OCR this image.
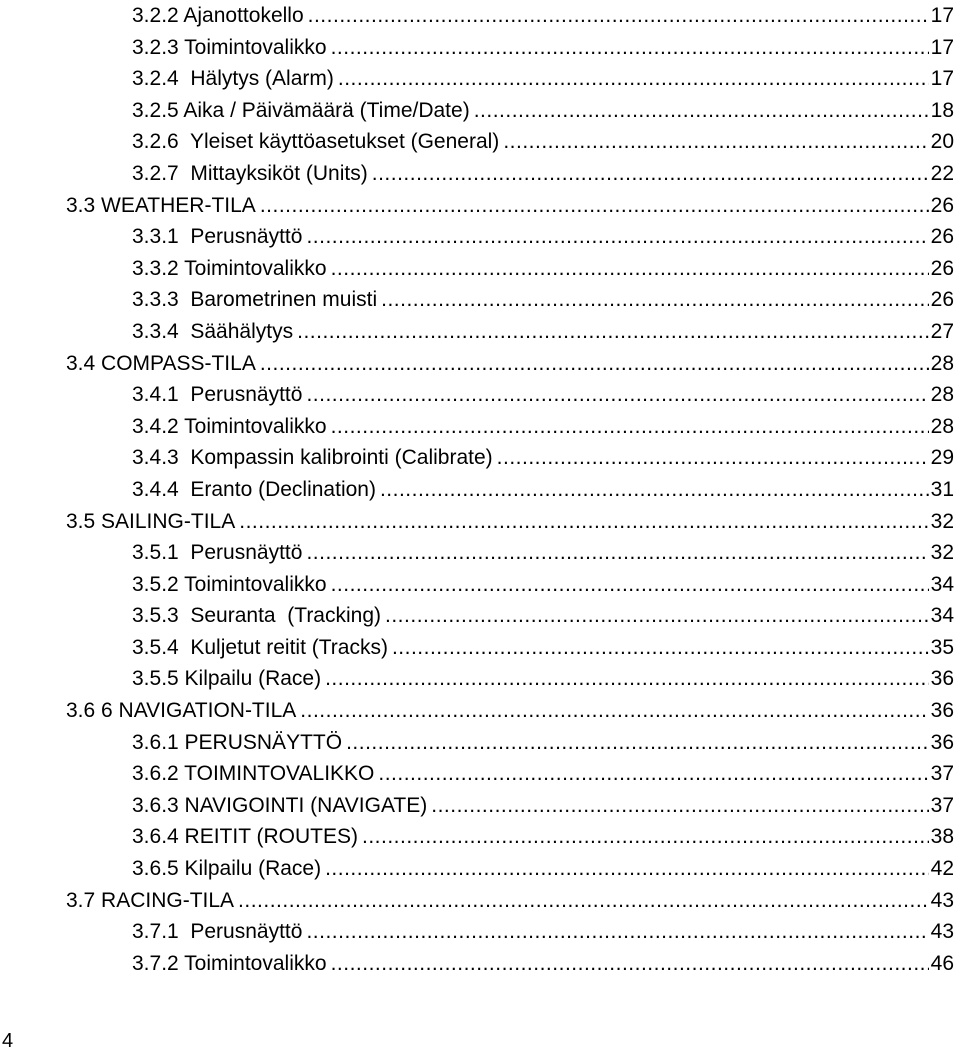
3.2.2 Ajanottokello .....	17
3.2.3 Toimintovalikko .....	17
3.2.4  Hälytys (Alarm) .....	17
3.2.5 Aika / Päivämäärä (Time/Date) .....	18
3.2.6  Yleiset käyttöasetukset (General) .....	20
3.2.7  Mittayksiköt (Units) .....	22
3.3 WEATHER-TILA .....	26
3.3.1  Perusnäyttö .....	26
3.3.2 Toimintovalikko .....	26
3.3.3  Barometrinen muisti .....	26
3.3.4  Säähälytys .....	27
3.4 COMPASS-TILA .....	28
3.4.1  Perusnäyttö .....	28
3.4.2 Toimintovalikko .....	28
3.4.3  Kompassin kalibrointi (Calibrate) .....	29
3.4.4  Eranto (Declination) .....	31
3.5 SAILING-TILA .....	32
3.5.1  Perusnäyttö .....	32
3.5.2 Toimintovalikko .....	34
3.5.3  Seuranta  (Tracking) .....	34
3.5.4  Kuljetut reitit (Tracks) .....	35
3.5.5 Kilpailu (Race) .....	36
3.6 6 NAVIGATION-TILA .....	36
3.6.1 PERUSNÄYTTÖ .....	36
3.6.2 TOIMINTOVALIKKO .....	37
3.6.3 NAVIGOINTI (NAVIGATE) .....	37
3.6.4 REITIT (ROUTES) .....	38
3.6.5 Kilpailu (Race) .....	42
3.7 RACING-TILA .....	43
3.7.1  Perusnäyttö .....	43
3.7.2 Toimintovalikko .....	46
4
